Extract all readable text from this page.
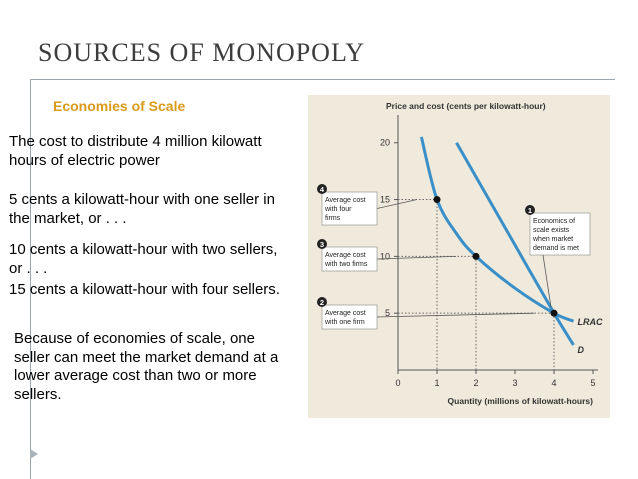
SOURCES OF MONOPOLY
Economies of Scale
The cost to distribute 4 million kilowatt hours of electric power
5 cents a kilowatt-hour with one seller in the market, or . . .
10 cents a kilowatt-hour with two sellers, or . . .
15 cents a kilowatt-hour with four sellers.
Because of economies of scale, one seller can meet the market demand at a lower average cost than two or more sellers.
Price and cost (cents per kilowatt-hour)
Quantity (millions of kilowatt-hours)
0	1	2	3	4	5
5
10
15
20
LRAC
D
Average cost
with four
firms
4
Average cost
with two firms
3
Average cost
with one firm
2
Economics of
scale exists
when market
demand is met
1
